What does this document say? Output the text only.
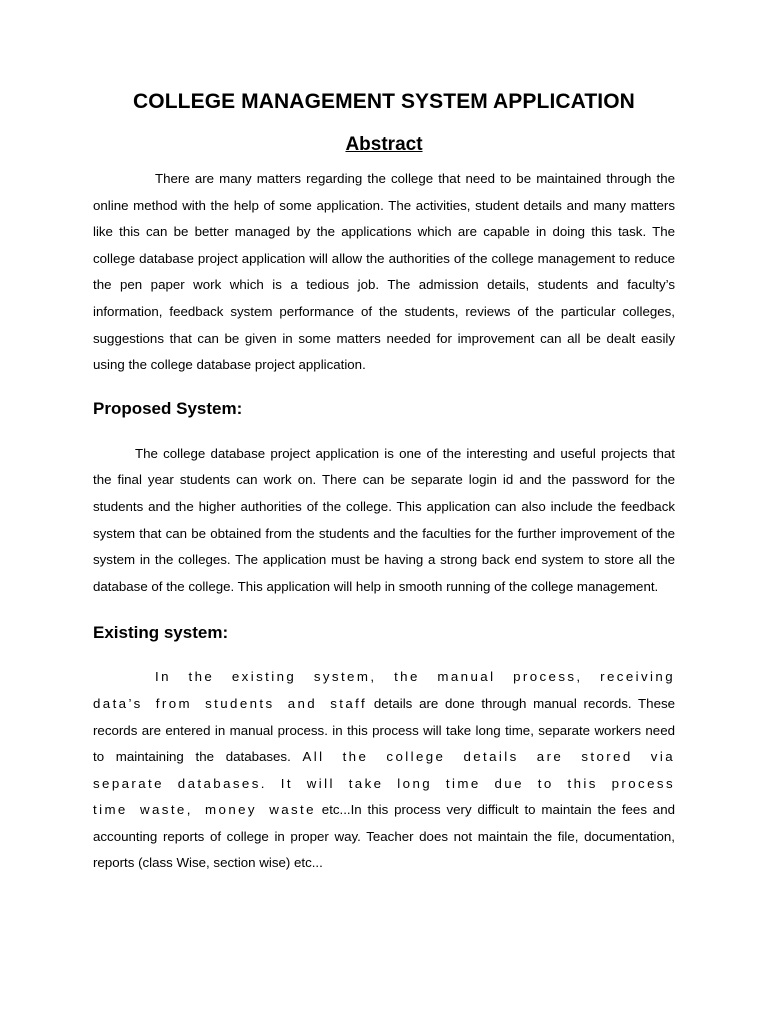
COLLEGE MANAGEMENT SYSTEM APPLICATION
Abstract

There are many matters regarding the college that need to be maintained through the online method with the help of some application. The activities, student details and many matters like this can be better managed by the applications which are capable in doing this task. The college database project application will allow the authorities of the college management to reduce the pen paper work which is a tedious job. The admission details, students and faculty’s information, feedback system performance of the students, reviews of the particular colleges, suggestions that can be given in some matters needed for improvement can all be dealt easily using the college database project application.

Proposed System:

The college database project application is one of the interesting and useful projects that the final year students can work on. There can be separate login id and the password for the students and the higher authorities of the college. This application can also include the feedback system that can be obtained from the students and the faculties for the further improvement of the system in the colleges. The application must be having a strong back end system to store all the database of the college. This application will help in smooth running of the college management.

Existing system:

In the existing system, the manual process, receiving data’s from students and staff details are done through manual records. These records are entered in manual process. in this process will take long time, separate workers need to maintaining the databases. All the college details are stored via separate databases. It will take long time due to this process time waste, money waste etc...In this process very difficult to maintain the fees and accounting reports of college in proper way. Teacher does not maintain the file, documentation, reports (class Wise, section wise) etc...
